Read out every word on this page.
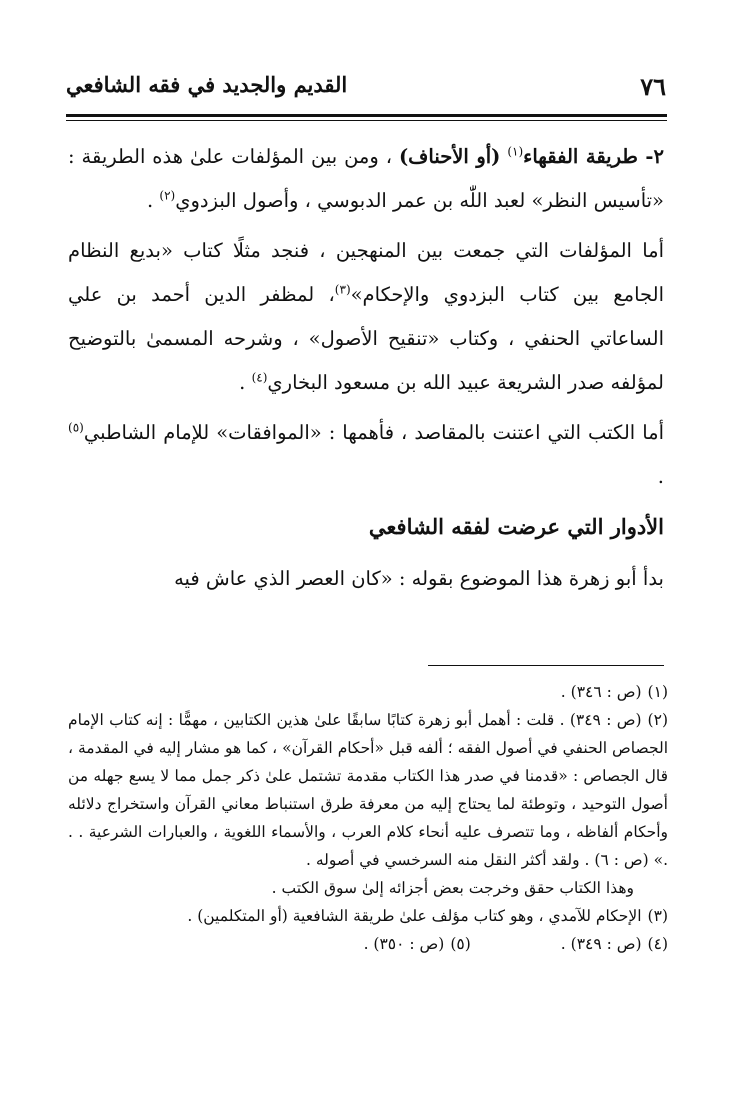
٧٦
القديم والجديد في فقه الشافعي

٢- طريقة الفقهاء$^{(١)}$ (أو الأحناف) ، ومن بين المؤلفات علىٰ هذه الطريقة : «تأسيس النظر» لعبد اللّٰه بن عمر الدبوسي ، وأصول البزدوي$^{(٢)}$ .

أما المؤلفات التي جمعت بين المنهجين ، فنجد مثلًا كتاب «بديع النظام الجامع بين كتاب البزدوي والإحكام»$^{(٣)}$، لمظفر الدين أحمد بن علي الساعاتي الحنفي ، وكتاب «تنقيح الأصول» ، وشرحه المسمىٰ بالتوضيح لمؤلفه صدر الشريعة عبيد الله بن مسعود البخاري$^{(٤)}$ .

أما الكتب التي اعتنت بالمقاصد ، فأهمها : «الموافقات» للإمام الشاطبي$^{(٥)}$ .

الأدوار التي عرضت لفقه الشافعي

بدأ أبو زهرة هذا الموضوع بقوله : «كان العصر الذي عاش فيه

(١)(ص : ٣٤٦) .

(٢)(ص : ٣٤٩) . قلت : أهمل أبو زهرة كتابًا سابقًا علىٰ هذين الكتابين ، مهمًّا : إنه كتاب الإمام الجصاص الحنفي في أصول الفقه ؛ ألفه قبل «أحكام القرآن» ، كما هو مشار إليه في المقدمة ، قال الجصاص : «قدمنا في صدر هذا الكتاب مقدمة تشتمل علىٰ ذكر جمل مما لا يسع جهله من أصول التوحيد ، وتوطئة لما يحتاج إليه من معرفة طرق استنباط معاني القرآن واستخراج دلائله وأحكام ألفاظه ، وما تتصرف عليه أنحاء كلام العرب ، والأسماء اللغوية ، والعبارات الشرعية . . .» (ص : ٦) . ولقد أكثر النقل منه السرخسي في أصوله .

وهذا الكتاب حقق وخرجت بعض أجزائه إلىٰ سوق الكتب .

(٣)الإحكام للآمدي ، وهو كتاب مؤلف علىٰ طريقة الشافعية (أو المتكلمين) .

(٤)(ص : ٣٤٩) .

(٥)(ص : ٣٥٠) .
